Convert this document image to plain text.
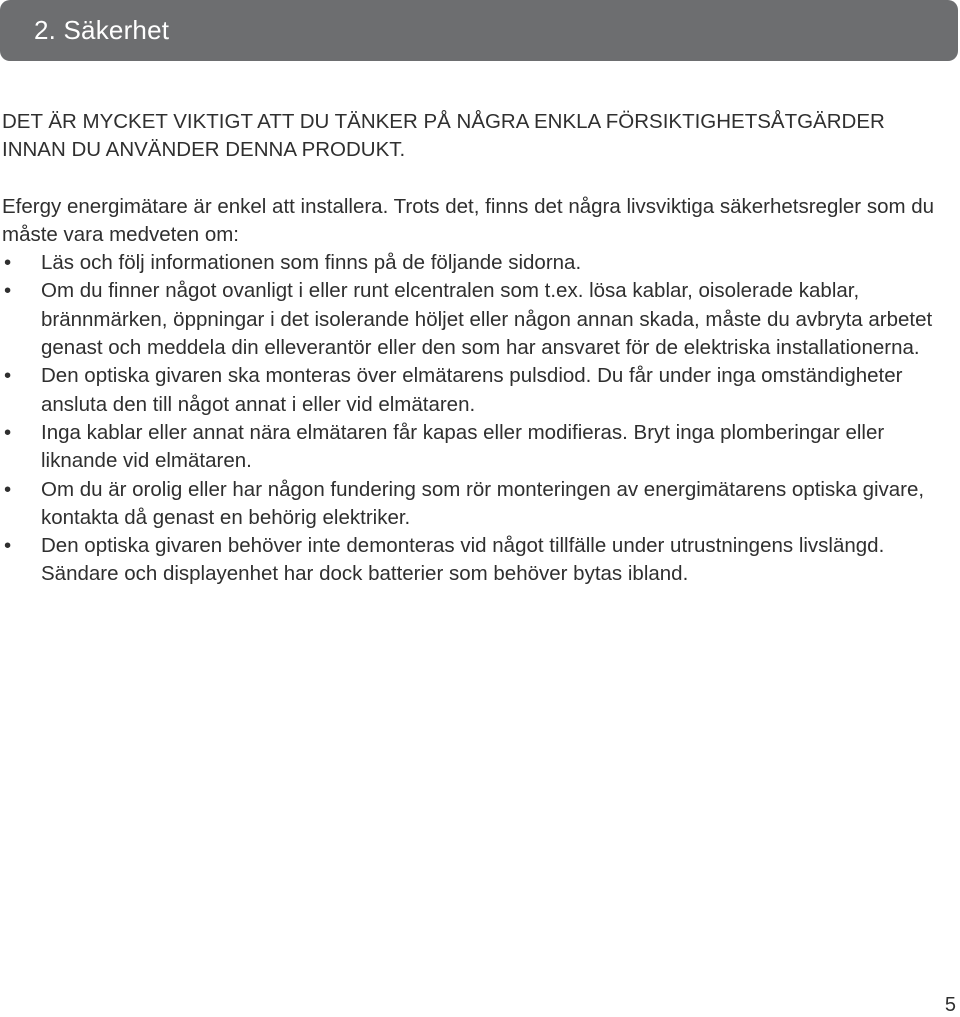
2. Säkerhet

DET ÄR MYCKET VIKTIGT ATT DU TÄNKER PÅ NÅGRA ENKLA FÖRSIKTIGHETSÅTGÄRDER INNAN DU ANVÄNDER DENNA PRODUKT.

Efergy energimätare är enkel att installera. Trots det, finns det några livsviktiga säkerhetsregler som du måste vara medveten om:

• Läs och följ informationen som finns på de följande sidorna.
• Om du finner något ovanligt i eller runt elcentralen som t.ex. lösa kablar, oisolerade kablar, brännmärken, öppningar i det isolerande höljet eller någon annan skada, måste du avbryta arbetet genast och meddela din elleverantör eller den som har ansvaret för de elektriska installationerna.
• Den optiska givaren ska monteras över elmätarens pulsdiod. Du får under inga omständigheter ansluta den till något annat i eller vid elmätaren.
• Inga kablar eller annat nära elmätaren får kapas eller modifieras. Bryt inga plomberingar eller liknande vid elmätaren.
• Om du är orolig eller har någon fundering som rör monteringen av energimätarens optiska givare, kontakta då genast en behörig elektriker.
• Den optiska givaren behöver inte demonteras vid något tillfälle under utrustningens livslängd. Sändare och displayenhet har dock batterier som behöver bytas ibland.
5
